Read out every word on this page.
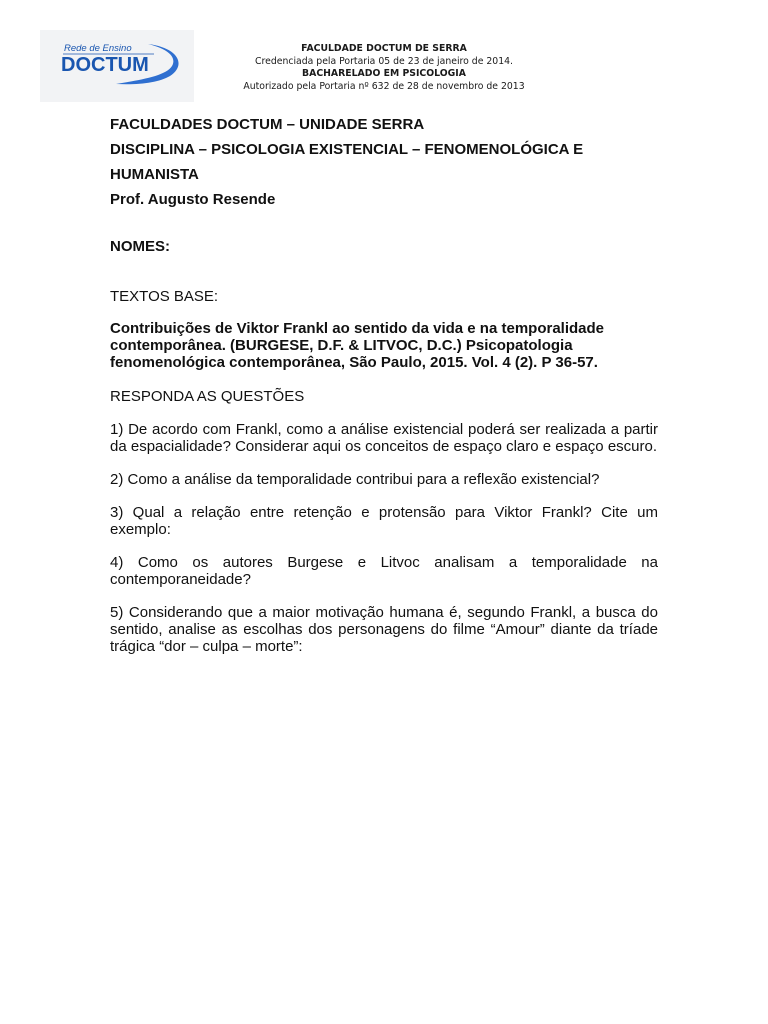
Rede de Ensino
DOCTUM
FACULDADE DOCTUM DE SERRA
Credenciada pela Portaria 05 de 23 de janeiro de 2014.
BACHARELADO EM PSICOLOGIA
Autorizado pela Portaria nº 632 de 28 de novembro de 2013

FACULDADES DOCTUM – UNIDADE SERRA

DISCIPLINA – PSICOLOGIA EXISTENCIAL – FENOMENOLÓGICA E

HUMANISTA

Prof. Augusto Resende

NOMES:

TEXTOS BASE:

Contribuições de Viktor Frankl ao sentido da vida e na temporalidade contemporânea. (BURGESE, D.F. & LITVOC, D.C.) Psicopatologia fenomenológica contemporânea, São Paulo, 2015. Vol. 4 (2). P 36-57.

RESPONDA AS QUESTÕES

1) De acordo com Frankl, como a análise existencial poderá ser realizada a partir da espacialidade? Considerar aqui os conceitos de espaço claro e espaço escuro.

2) Como a análise da temporalidade contribui para a reflexão existencial?

3) Qual a relação entre retenção e protensão para Viktor Frankl? Cite um exemplo:

4) Como os autores Burgese e Litvoc analisam a temporalidade na contemporaneidade?

5) Considerando que a maior motivação humana é, segundo Frankl, a busca do sentido, analise as escolhas dos personagens do filme “Amour” diante da tríade trágica “dor – culpa – morte”:
